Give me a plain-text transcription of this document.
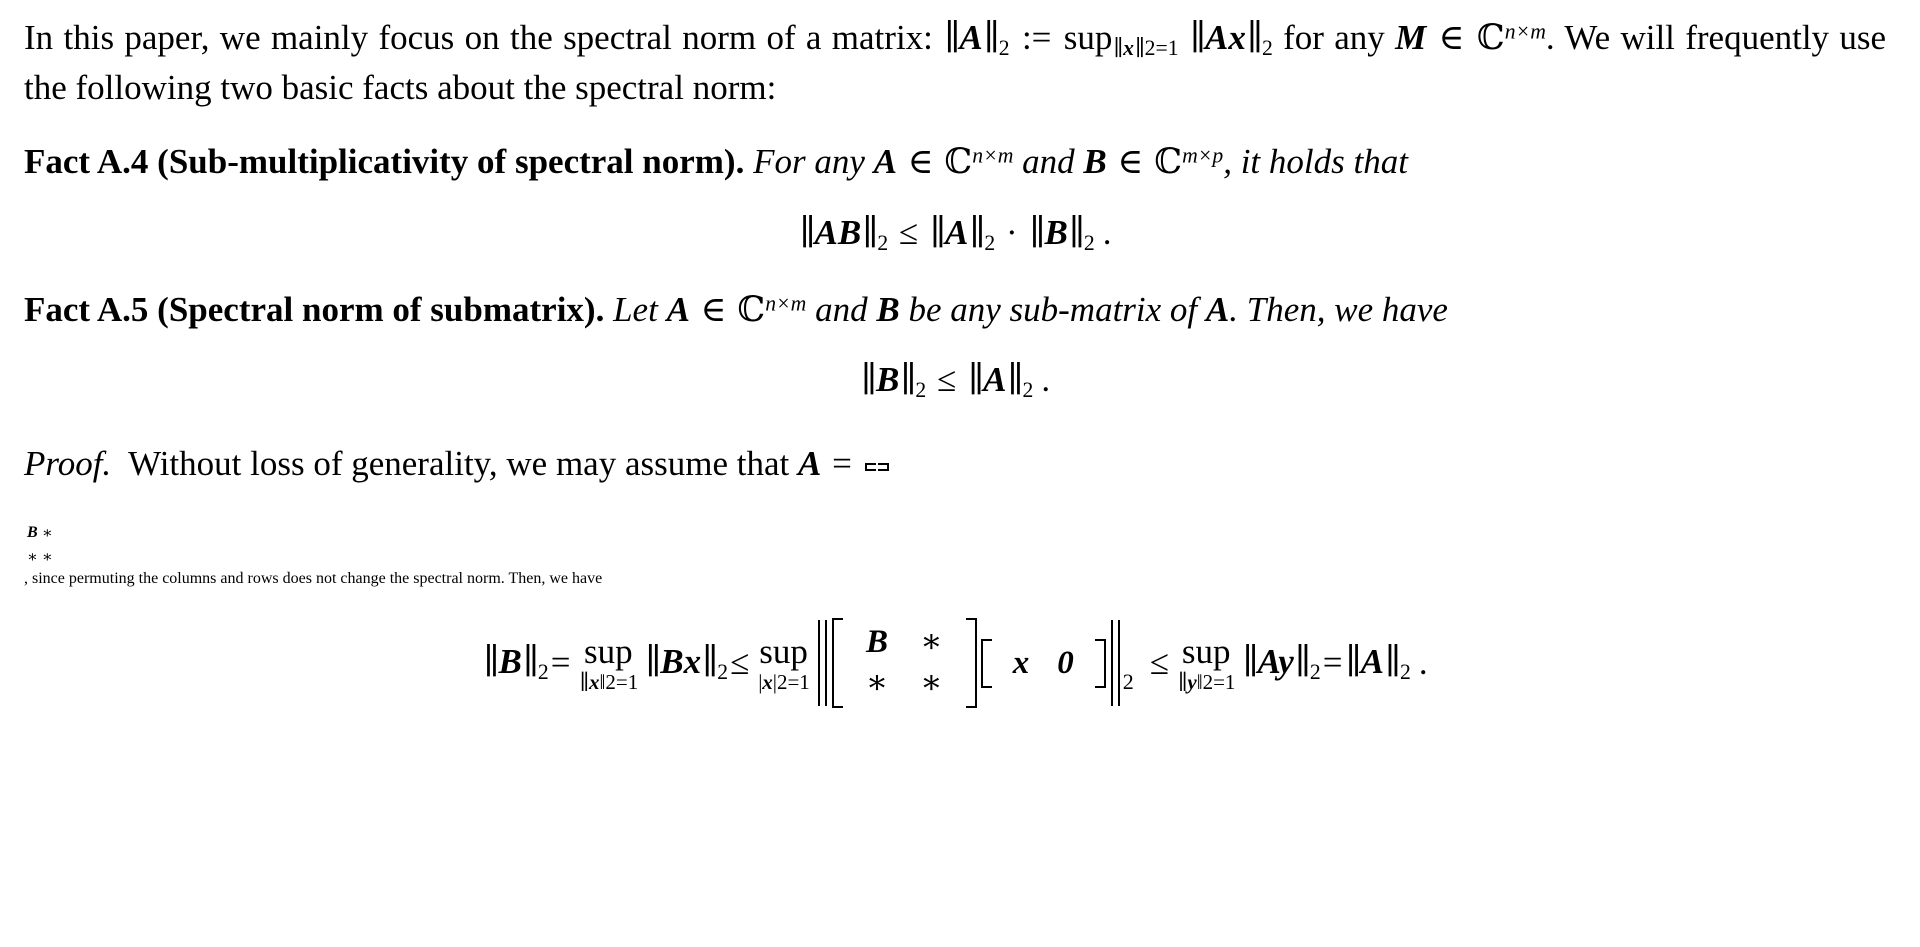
In this paper, we mainly focus on the spectral norm of a matrix: $\parallel A\parallel_2$ := sup$_{\parallel x\parallel 2=1}$ $\parallel Ax\parallel_2$ for any M ∈ ℂ$^{n\times m}$. We will frequently use the following two basic facts about the spectral norm:

Fact A.4 (Sub-multiplicativity of spectral norm). For any A ∈ ℂ$^{n\times m}$ and B ∈ ℂ$^{m\times p}$, it holds that

$\parallel AB\parallel_2$ ≤ $\parallel A\parallel_2$ · $\parallel B\parallel_2$ .

Fact A.5 (Spectral norm of submatrix). Let A ∈ ℂ$^{n\times m}$ and B be any sub-matrix of A. Then, we have

$\parallel B\parallel_2$ ≤ $\parallel A\parallel_2$ .

Proof. Without loss of generality, we may assume that A =

B	∗
∗	∗
, since permuting the columns and rows does not change the spectral norm. Then, we have

$\parallel B\parallel_2$ = sup
∥x‖2=1
$\parallel Bx\parallel_2$ ≤ sup
|x|2=1
B	∗
∗	∗
x	0
2 ≤ sup
∥y‖2=1
$\parallel Ay\parallel_2$ = $\parallel A\parallel_2$ .
